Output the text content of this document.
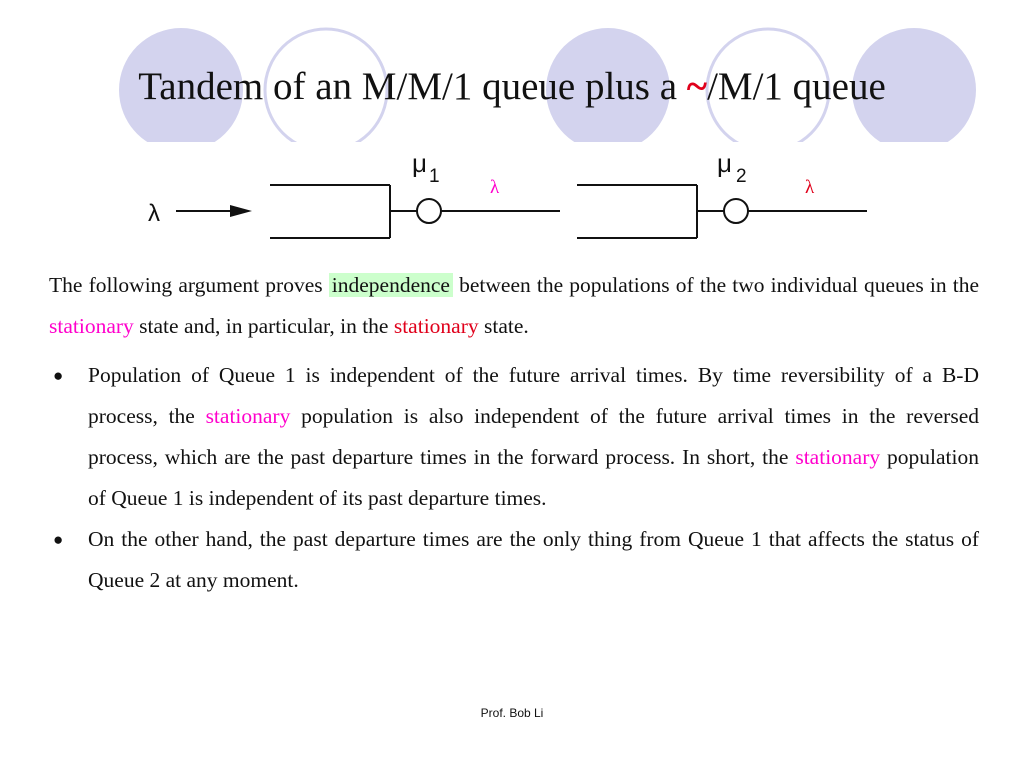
Tandem of an M/M/1 queue plus a ~/M/1 queue
λ
μ 1
λ
μ 2
λ
The following argument proves independence between the populations of the two individual queues in the stationary state and, in particular, in the stationary state.
● Population of Queue 1 is independent of the future arrival times. By time reversibility of a B-D process, the stationary population is also independent of the future arrival times in the reversed process, which are the past departure times in the forward process. In short, the stationary population of Queue 1 is independent of its past departure times.
● On the other hand, the past departure times are the only thing from Queue 1 that affects the status of Queue 2 at any moment.
Prof. Bob Li
